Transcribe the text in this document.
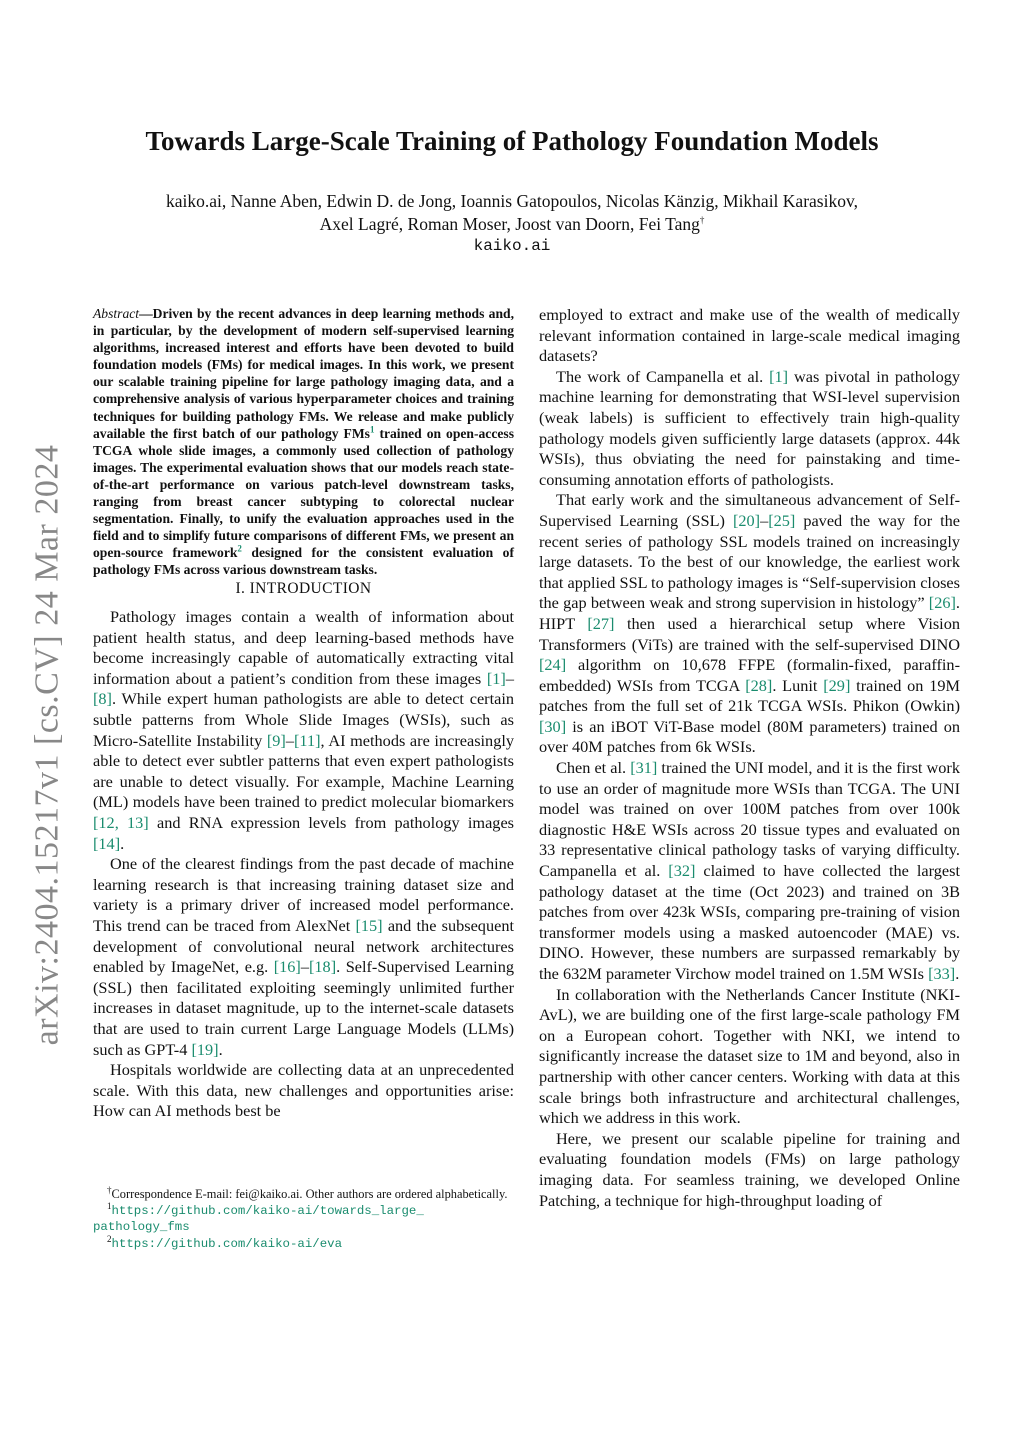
arXiv:2404.15217v1 [cs.CV] 24 Mar 2024
Towards Large-Scale Training of Pathology Foundation Models
kaiko.ai, Nanne Aben, Edwin D. de Jong, Ioannis Gatopoulos, Nicolas Känzig, Mikhail Karasikov,
Axel Lagré, Roman Moser, Joost van Doorn, Fei Tang†
kaiko.ai

Abstract—Driven by the recent advances in deep learning methods and, in particular, by the development of modern self-supervised learning algorithms, increased interest and efforts have been devoted to build foundation models (FMs) for medical images. In this work, we present our scalable training pipeline for large pathology imaging data, and a comprehensive analysis of various hyperparameter choices and training techniques for building pathology FMs. We release and make publicly available the first batch of our pathology FMs$^1$ trained on open-access TCGA whole slide images, a commonly used collection of pathology images. The experimental evaluation shows that our models reach state-of-the-art performance on various patch-level downstream tasks, ranging from breast cancer subtyping to colorectal nuclear segmentation. Finally, to unify the evaluation approaches used in the field and to simplify future comparisons of different FMs, we present an open-source framework$^2$ designed for the consistent evaluation of pathology FMs across various downstream tasks.

I. INTRODUCTION

Pathology images contain a wealth of information about patient health status, and deep learning-based methods have become increasingly capable of automatically extracting vital information about a patient’s condition from these images [1]–[8]. While expert human pathologists are able to detect certain subtle patterns from Whole Slide Images (WSIs), such as Micro-Satellite Instability [9]–[11], AI methods are increasingly able to detect ever subtler patterns that even expert pathologists are unable to detect visually. For example, Machine Learning (ML) models have been trained to predict molecular biomarkers [12, 13] and RNA expression levels from pathology images [14].

One of the clearest findings from the past decade of machine learning research is that increasing training dataset size and variety is a primary driver of increased model performance. This trend can be traced from AlexNet [15] and the subsequent development of convolutional neural network architectures enabled by ImageNet, e.g. [16]–[18]. Self-Supervised Learning (SSL) then facilitated exploiting seemingly unlimited further increases in dataset magnitude, up to the internet-scale datasets that are used to train current Large Language Models (LLMs) such as GPT-4 [19].

Hospitals worldwide are collecting data at an unprecedented scale. With this data, new challenges and opportunities arise: How can AI methods best be

†Correspondence E-mail: fei@kaiko.ai. Other authors are ordered alphabetically.

$^1$https://github.com/kaiko-ai/towards_large_ pathology_fms

$^2$https://github.com/kaiko-ai/eva

employed to extract and make use of the wealth of medically relevant information contained in large-scale medical imaging datasets?

The work of Campanella et al. [1] was pivotal in pathology machine learning for demonstrating that WSI-level supervision (weak labels) is sufficient to effectively train high-quality pathology models given sufficiently large datasets (approx. 44k WSIs), thus obviating the need for painstaking and time-consuming annotation efforts of pathologists.

That early work and the simultaneous advancement of Self-Supervised Learning (SSL) [20]–[25] paved the way for the recent series of pathology SSL models trained on increasingly large datasets. To the best of our knowledge, the earliest work that applied SSL to pathology images is “Self-supervision closes the gap between weak and strong supervision in histology” [26]. HIPT [27] then used a hierarchical setup where Vision Transformers (ViTs) are trained with the self-supervised DINO [24] algorithm on 10,678 FFPE (formalin-fixed, paraffin-embedded) WSIs from TCGA [28]. Lunit [29] trained on 19M patches from the full set of 21k TCGA WSIs. Phikon (Owkin) [30] is an iBOT ViT-Base model (80M parameters) trained on over 40M patches from 6k WSIs.

Chen et al. [31] trained the UNI model, and it is the first work to use an order of magnitude more WSIs than TCGA. The UNI model was trained on over 100M patches from over 100k diagnostic H&E WSIs across 20 tissue types and evaluated on 33 representative clinical pathology tasks of varying difficulty. Campanella et al. [32] claimed to have collected the largest pathology dataset at the time (Oct 2023) and trained on 3B patches from over 423k WSIs, comparing pre-training of vision transformer models using a masked autoencoder (MAE) vs. DINO. However, these numbers are surpassed remarkably by the 632M parameter Virchow model trained on 1.5M WSIs [33].

In collaboration with the Netherlands Cancer Institute (NKI-AvL), we are building one of the first large-scale pathology FM on a European cohort. Together with NKI, we intend to significantly increase the dataset size to 1M and beyond, also in partnership with other cancer centers. Working with data at this scale brings both infrastructure and architectural challenges, which we address in this work.

Here, we present our scalable pipeline for training and evaluating foundation models (FMs) on large pathology imaging data. For seamless training, we developed Online Patching, a technique for high-throughput loading of
